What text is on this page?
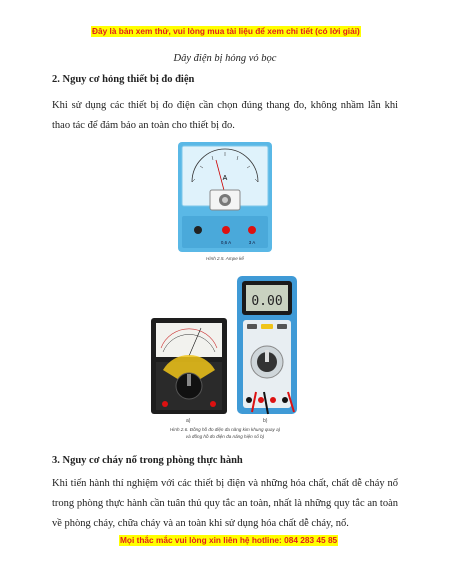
Đây là bản xem thử, vui lòng mua tài liệu để xem chi tiết (có lời giải)
Dây điện bị hỏng vỏ bọc
2. Nguy cơ hỏng thiết bị đo điện
Khi sử dụng các thiết bị đo điện cần chọn đúng thang đo, không nhầm lẫn khi thao tác để đảm bảo an toàn cho thiết bị đo.
A
0,6 A	3 A
Hình 2.5. Ampe kế
0.00
a)	b)
Hình 2.6. Đồng hồ đo điện đa năng kim khung quay a)
và đồng hồ đo điện đa năng hiện số b)
3. Nguy cơ cháy nổ trong phòng thực hành
Khi tiến hành thí nghiệm với các thiết bị điện và những hóa chất, chất dễ cháy nổ trong phòng thực hành cần tuân thủ quy tắc an toàn, nhất là những quy tắc an toàn về phòng cháy, chữa cháy và an toàn khi sử dụng hóa chất dễ cháy, nổ.
Mọi thắc mắc vui lòng xin liên hệ hotline: 084 283 45 85
